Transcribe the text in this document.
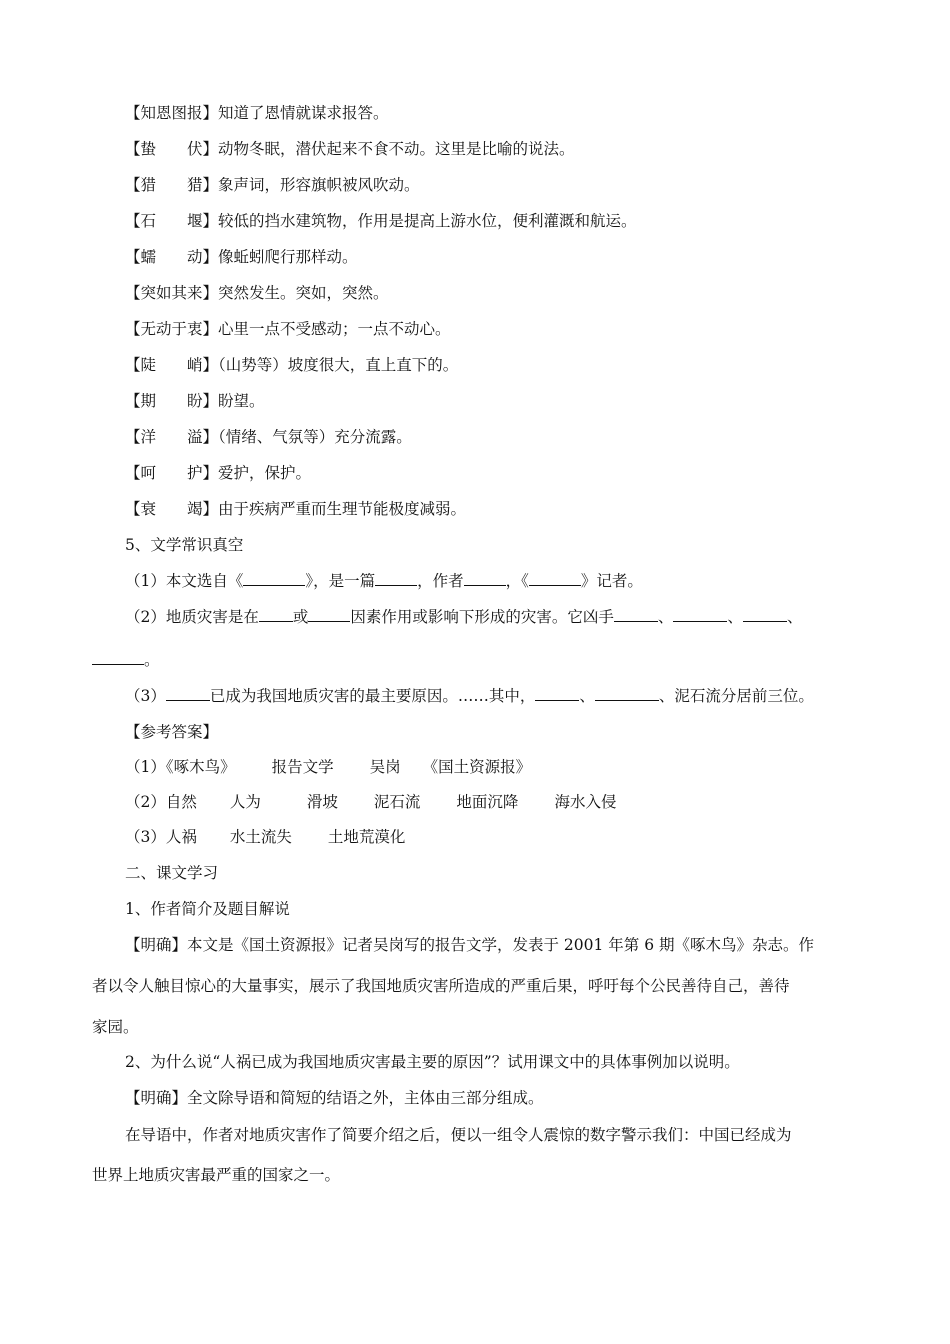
【知恩图报】知道了恩情就谋求报答。
【蛰　　伏】动物冬眠，潜伏起来不食不动。这里是比喻的说法。
【猎　　猎】象声词，形容旗帜被风吹动。
【石　　堰】较低的挡水建筑物，作用是提高上游水位，便利灌溉和航运。
【蠕　　动】像蚯蚓爬行那样动。
【突如其来】突然发生。突如，突然。
【无动于衷】心里一点不受感动；一点不动心。
【陡　　峭】（山势等）坡度很大，直上直下的。
【期　　盼】盼望。
【洋　　溢】（情绪、气氛等）充分流露。
【呵　　护】爱护，保护。
【衰　　竭】由于疾病严重而生理节能极度减弱。
5、文学常识真空
（1）本文选自《	》，是一篇	，作者	，《	》记者。
（2）地质灾害是在 或	因素作用或影响下形成的灾害。它凶手	、	、	、
。
（3）	已成为我国地质灾害的最主要原因。……其中，	、	、泥石流分居前三位。
【参考答案】
（1）《啄木鸟》 报告文学 吴岗 《国土资源报》
（2）自然 人为	滑坡 泥石流 地面沉降 海水入侵
（3）人祸 水土流失 土地荒漠化
二、课文学习
1、作者简介及题目解说
【明确】本文是《国土资源报》记者吴岗写的报告文学，发表于 2001 年第 6 期《啄木鸟》杂志。作
者以令人触目惊心的大量事实，展示了我国地质灾害所造成的严重后果，呼吁每个公民善待自己，善待
家园。
2、为什么说“人祸已成为我国地质灾害最主要的原因”？试用课文中的具体事例加以说明。
【明确】全文除导语和简短的结语之外，主体由三部分组成。
在导语中，作者对地质灾害作了简要介绍之后，便以一组令人震惊的数字警示我们：中国已经成为
世界上地质灾害最严重的国家之一。
